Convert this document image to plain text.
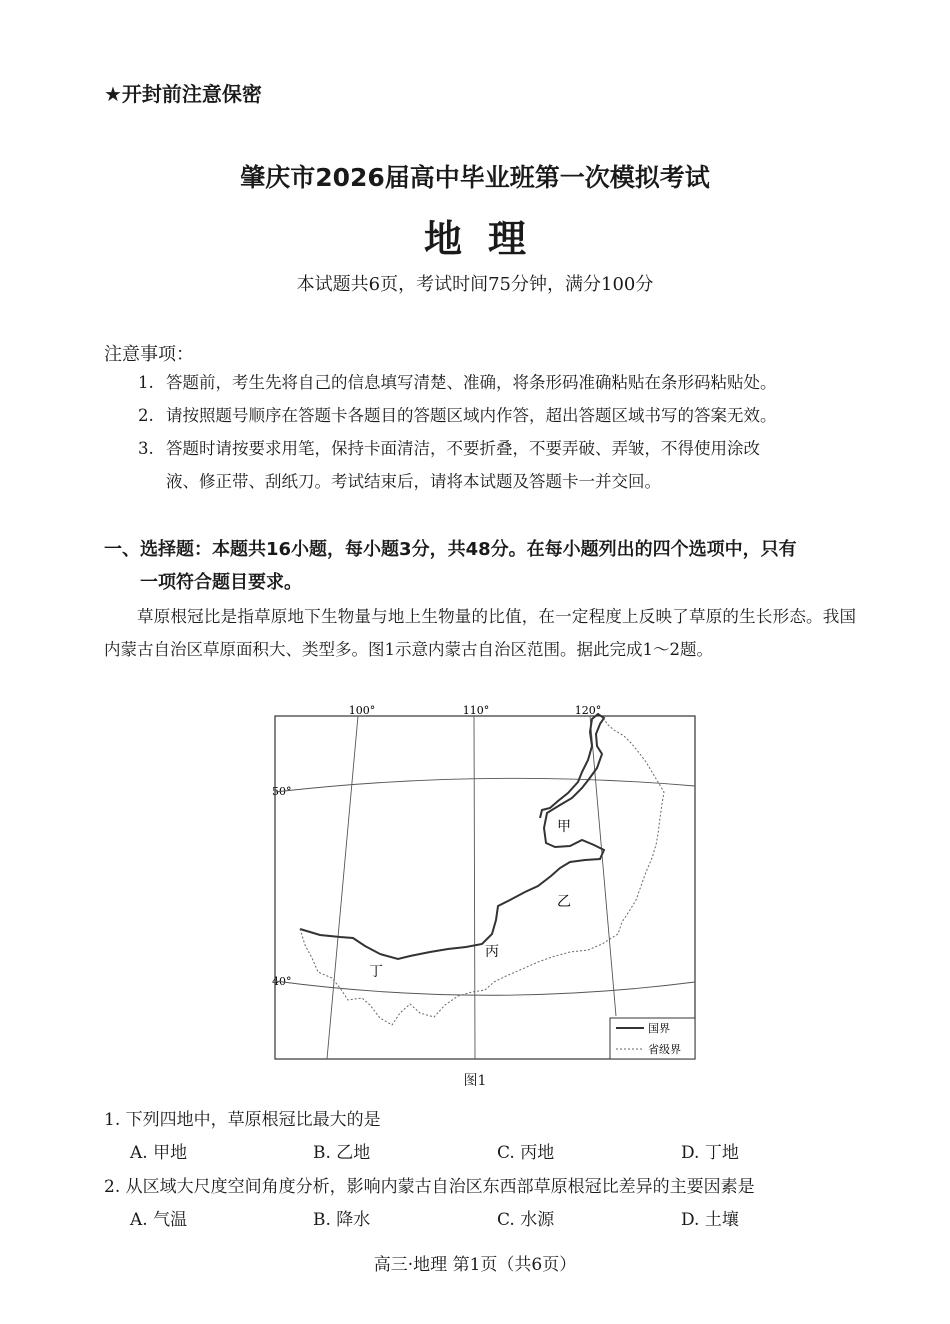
★开封前注意保密
肇庆市2026届高中毕业班第一次模拟考试
地理
本试题共6页，考试时间75分钟，满分100分
注意事项：
1. 答题前，考生先将自己的信息填写清楚、准确，将条形码准确粘贴在条形码粘贴处。
2. 请按照题号顺序在答题卡各题目的答题区域内作答，超出答题区域书写的答案无效。
3. 答题时请按要求用笔，保持卡面清洁，不要折叠，不要弄破、弄皱，不得使用涂改
液、修正带、刮纸刀。考试结束后，请将本试题及答题卡一并交回。
一、选择题：本题共16小题，每小题3分，共48分。在每小题列出的四个选项中，只有
一项符合题目要求。
草原根冠比是指草原地下生物量与地上生物量的比值，在一定程度上反映了草原的生长形态。我国内蒙古自治区草原面积大、类型多。图1示意内蒙古自治区范围。据此完成1～2题。
100°	110°	120°
50°
40°
甲
乙
丙
丁
国界
省级界
图1
1. 下列四地中，草原根冠比最大的是
A. 甲地	B. 乙地	C. 丙地	D. 丁地
2. 从区域大尺度空间角度分析，影响内蒙古自治区东西部草原根冠比差异的主要因素是
A. 气温	B. 降水	C. 水源	D. 土壤
高三·地理 第1页（共6页）
